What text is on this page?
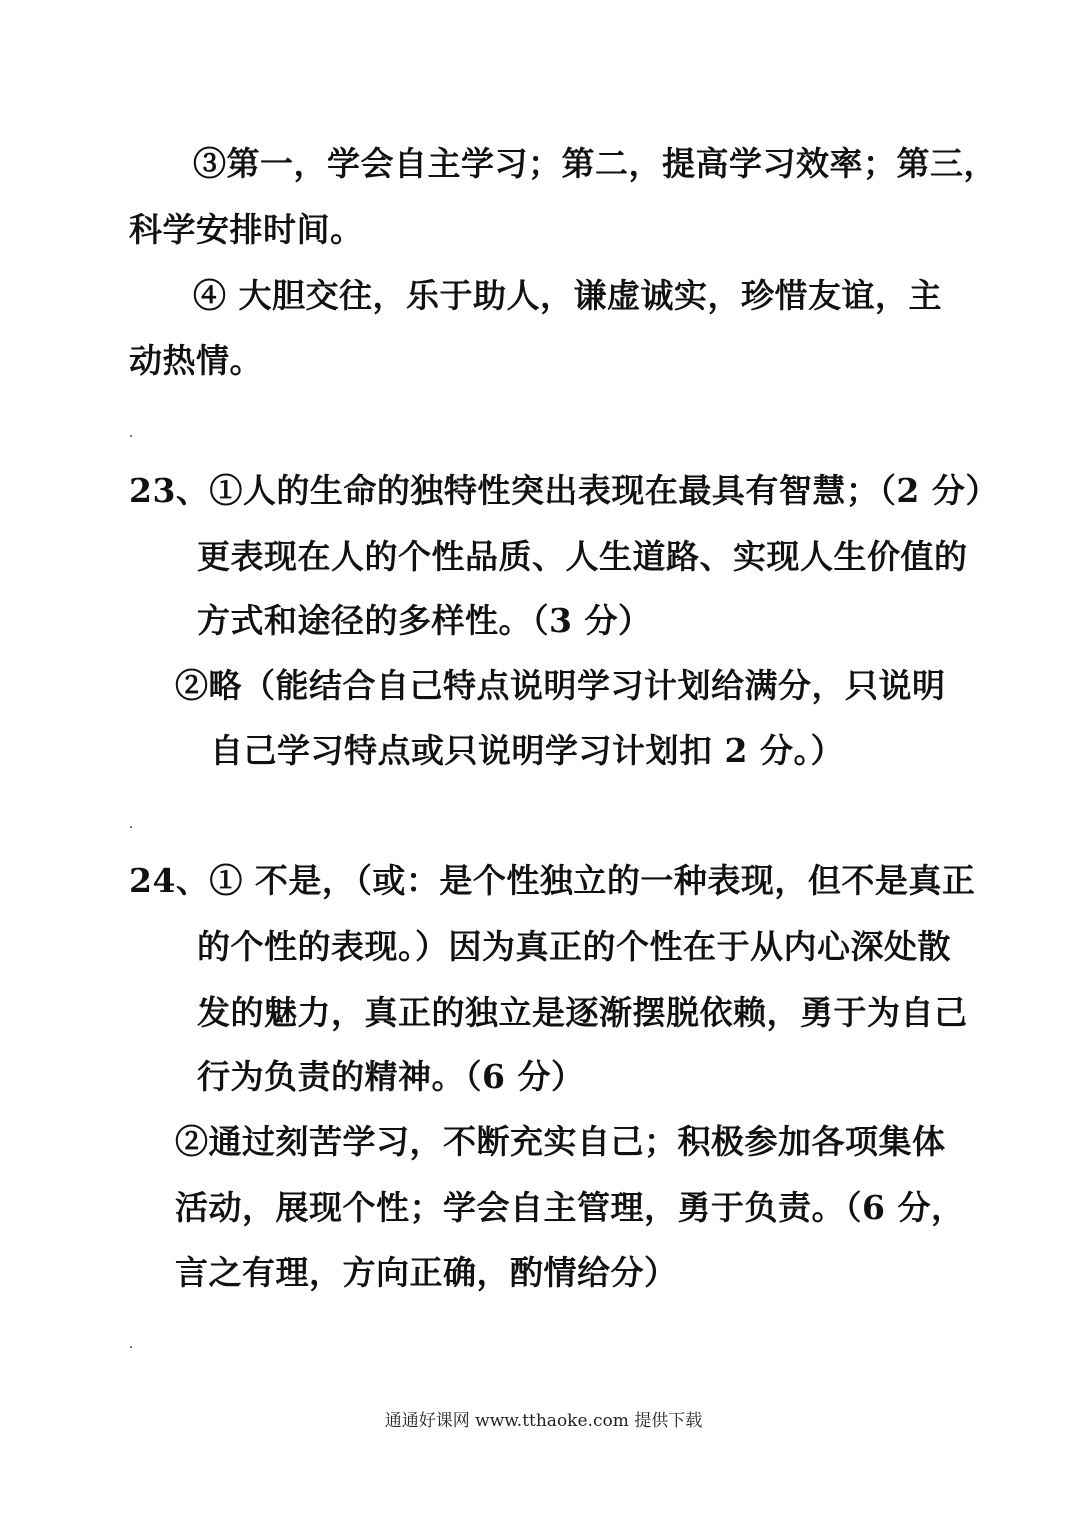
③第一，学会自主学习；第二，提高学习效率；第三，
科学安排时间。
④ 大胆交往，乐于助人，谦虚诚实，珍惜友谊，主
动热情。
23、①人的生命的独特性突出表现在最具有智慧；（2 分）
更表现在人的个性品质、人生道路、实现人生价值的
方式和途径的多样性。（3 分）
②略（能结合自己特点说明学习计划给满分，只说明
自己学习特点或只说明学习计划扣 2 分。）
24、① 不是，（或：是个性独立的一种表现，但不是真正
的个性的表现。）因为真正的个性在于从内心深处散
发的魅力，真正的独立是逐渐摆脱依赖，勇于为自己
行为负责的精神。（6 分）
②通过刻苦学习，不断充实自己；积极参加各项集体
活动，展现个性；学会自主管理，勇于负责。（6 分，
言之有理，方向正确，酌情给分）
通通好课网 www.tthaoke.com 提供下载
